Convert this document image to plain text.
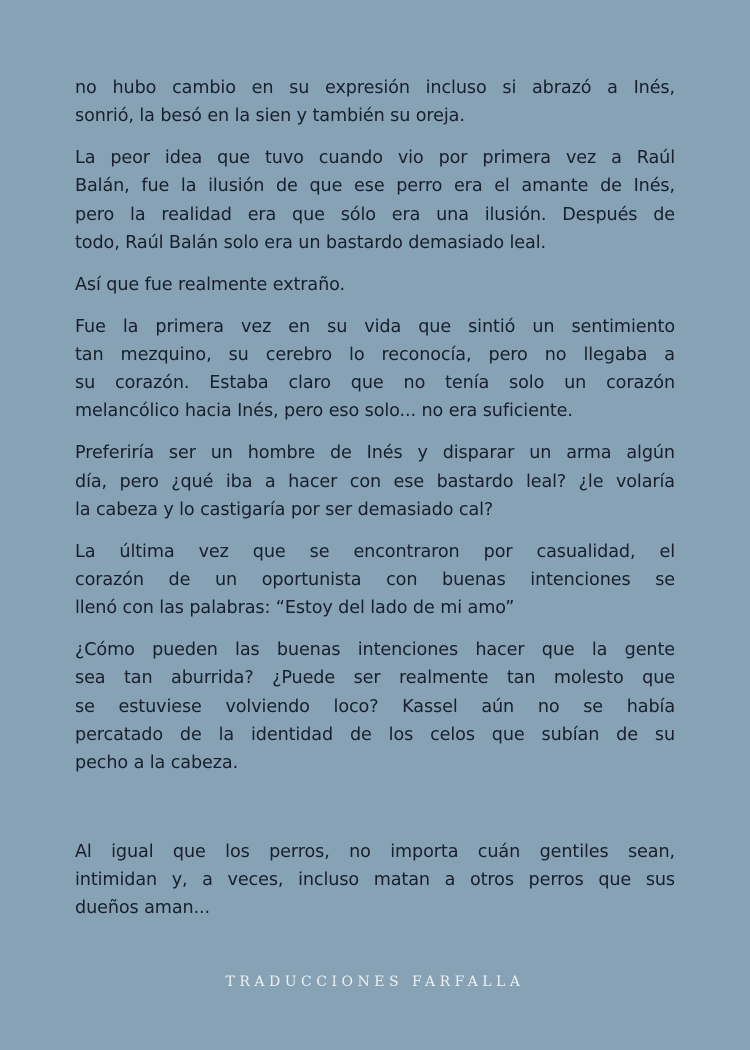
no hubo cambio en su expresión incluso si abrazó a Inés,
sonrió, la besó en la sien y también su oreja.
La peor idea que tuvo cuando vio por primera vez a Raúl
Balán, fue la ilusión de que ese perro era el amante de Inés,
pero la realidad era que sólo era una ilusión. Después de
todo, Raúl Balán solo era un bastardo demasiado leal.
Así que fue realmente extraño.
Fue la primera vez en su vida que sintió un sentimiento
tan mezquino, su cerebro lo reconocía, pero no llegaba a
su corazón. Estaba claro que no tenía solo un corazón
melancólico hacia Inés, pero eso solo... no era suficiente.
Preferiría ser un hombre de Inés y disparar un arma algún
día, pero ¿qué iba a hacer con ese bastardo leal? ¿le volaría
la cabeza y lo castigaría por ser demasiado cal?
La última vez que se encontraron por casualidad, el
corazón de un oportunista con buenas intenciones se
llenó con las palabras: “Estoy del lado de mi amo”
¿Cómo pueden las buenas intenciones hacer que la gente
sea tan aburrida? ¿Puede ser realmente tan molesto que
se estuviese volviendo loco? Kassel aún no se había
percatado de la identidad de los celos que subían de su
pecho a la cabeza.
Al igual que los perros, no importa cuán gentiles sean,
intimidan y, a veces, incluso matan a otros perros que sus
dueños aman...
TRADUCCIONES FARFALLA
